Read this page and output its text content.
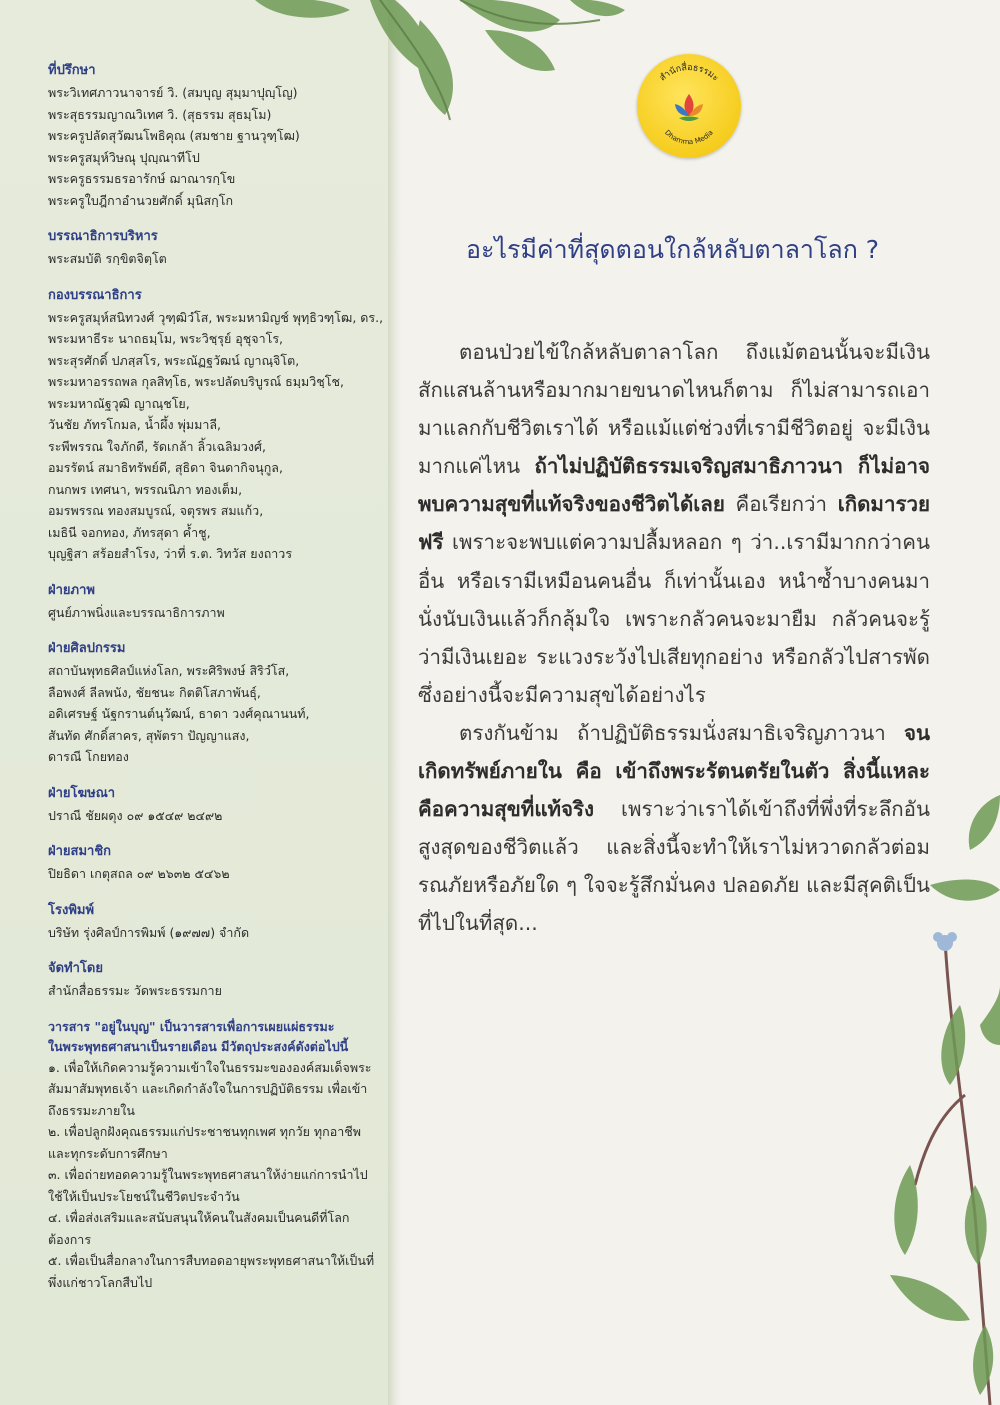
ที่ปรึกษา
พระวิเทศภาวนาจารย์ วิ. (สมบุญ สุมฺมาปุญฺโญ)
พระสุธรรมญาณวิเทศ วิ. (สุธรรม สุธมฺโม)
พระครูปลัดสุวัฒนโพธิคุณ (สมชาย ฐานวุฑฺโฒ)
พระครูสมุห์วิษณุ ปุญฺณาทีโป
พระครูธรรมธรอารักษ์ ฌาณารกฺโข
พระครูใบฎีกาอำนวยศักดิ์ มุนิสกฺโก
บรรณาธิการบริหาร
พระสมบัติ รกฺขิตจิตฺโต
กองบรรณาธิการ
พระครูสมุห์สนิทวงศ์ วุฑฺฒิวํโส, พระมหามิญช์ พุทฺธิวฑฺโฒ, ดร.,
พระมหาธีระ นาถธมฺโม, พระวิชฺรุย์ อุชุจาโร,
พระสุรศักดิ์ ปภสฺสโร, พระณัฏฐวัฒน์ ญาณฺจิโต,
พระมหาอรรถพล กุลสิทฺโธ, พระปลัดบริบูรณ์ ธมฺมวิชฺโช,
พระมหาณัฐวุฒิ ญาณฺชโย,
วันชัย ภัทรโกมล, น้ำผึ้ง พุ่มมาลี,
ระพีพรรณ ใจภักดี, รัดเกล้า ลิ้วเฉลิมวงศ์,
อมรรัตน์ สมาธิทรัพย์ดี, สุธิดา จินดากิจนุกูล,
กนกพร เทศนา, พรรณนิภา ทองเต็ม,
อมรพรรณ ทองสมบูรณ์, จตุรพร สมแก้ว,
เมธินี จอกทอง, ภัทรสุดา ค้ำชู,
บุญฐิสา สร้อยสำโรง, ว่าที่ ร.ต. วิทวัส ยงถาวร
ฝ่ายภาพ
ศูนย์ภาพนิ่งและบรรณาธิการภาพ
ฝ่ายศิลปกรรม
สถาบันพุทธศิลป์แห่งโลก, พระศิริพงษ์ สิริวํโส,
ลือพงศ์ ลีลพนัง, ชัยชนะ กิตติโสภาพันธุ์,
อดิเศรษฐ์ นัฐกรานต์นุวัฒน์, ธาดา วงศ์คุณานนท์,
สันทัด ศักดิ์สาคร, สุพัตรา ปัญญาแสง,
ดารณี โกยทอง
ฝ่ายโฆษณา
ปราณี ชัยผดุง ๐๙ ๑๕๔๙ ๒๔๙๒
ฝ่ายสมาชิก
ปิยธิดา เกตุสถล ๐๙ ๒๖๓๒ ๕๔๖๒
โรงพิมพ์
บริษัท รุ่งศิลป์การพิมพ์ (๑๙๗๗) จำกัด
จัดทำโดย
สำนักสื่อธรรมะ วัดพระธรรมกาย
วารสาร "อยู่ในบุญ" เป็นวารสารเพื่อการเผยแผ่ธรรมะ
ในพระพุทธศาสนาเป็นรายเดือน มีวัตถุประสงค์ดังต่อไปนี้
๑. เพื่อให้เกิดความรู้ความเข้าใจในธรรมะขององค์สมเด็จพระสัมมาสัมพุทธเจ้า และเกิดกำลังใจในการปฏิบัติธรรม เพื่อเข้าถึงธรรมะภายใน
๒. เพื่อปลูกฝังคุณธรรมแก่ประชาชนทุกเพศ ทุกวัย ทุกอาชีพ และทุกระดับการศึกษา
๓. เพื่อถ่ายทอดความรู้ในพระพุทธศาสนาให้ง่ายแก่การนำไปใช้ให้เป็นประโยชน์ในชีวิตประจำวัน
๔. เพื่อส่งเสริมและสนับสนุนให้คนในสังคมเป็นคนดีที่โลกต้องการ
๕. เพื่อเป็นสื่อกลางในการสืบทอดอายุพระพุทธศาสนาให้เป็นที่พึ่งแก่ชาวโลกสืบไป
สำนักสื่อธรรมะ
Dhamma Media
อะไรมีค่าที่สุดตอนใกล้หลับตาลาโลก ?

ตอนป่วยไข้ใกล้หลับตาลาโลก ถึงแม้ตอนนั้นจะมีเงินสักแสนล้านหรือมากมายขนาดไหนก็ตาม ก็ไม่สามารถเอามาแลกกับชีวิตเราได้ หรือแม้แต่ช่วงที่เรามีชีวิตอยู่ จะมีเงินมากแค่ไหน ถ้าไม่ปฏิบัติธรรมเจริญสมาธิภาวนา ก็ไม่อาจพบความสุขที่แท้จริงของชีวิตได้เลย คือเรียกว่า เกิดมารวยฟรี เพราะจะพบแต่ความปลื้มหลอก ๆ ว่า..เรามีมากกว่าคนอื่น หรือเรามีเหมือนคนอื่น ก็เท่านั้นเอง หนำซ้ำบางคนมานั่งนับเงินแล้วก็กลุ้มใจ เพราะกลัวคนจะมายืม กลัวคนจะรู้ว่ามีเงินเยอะ ระแวงระวังไปเสียทุกอย่าง หรือกลัวไปสารพัด ซึ่งอย่างนี้จะมีความสุขได้อย่างไร

ตรงกันข้าม ถ้าปฏิบัติธรรมนั่งสมาธิเจริญภาวนา จนเกิดทรัพย์ภายใน คือ เข้าถึงพระรัตนตรัยในตัว สิ่งนี้แหละคือความสุขที่แท้จริง เพราะว่าเราได้เข้าถึงที่พึ่งที่ระลึกอันสูงสุดของชีวิตแล้ว และสิ่งนี้จะทำให้เราไม่หวาดกลัวต่อมรณภัยหรือภัยใด ๆ ใจจะรู้สึกมั่นคง ปลอดภัย และมีสุคติเป็นที่ไปในที่สุด...
